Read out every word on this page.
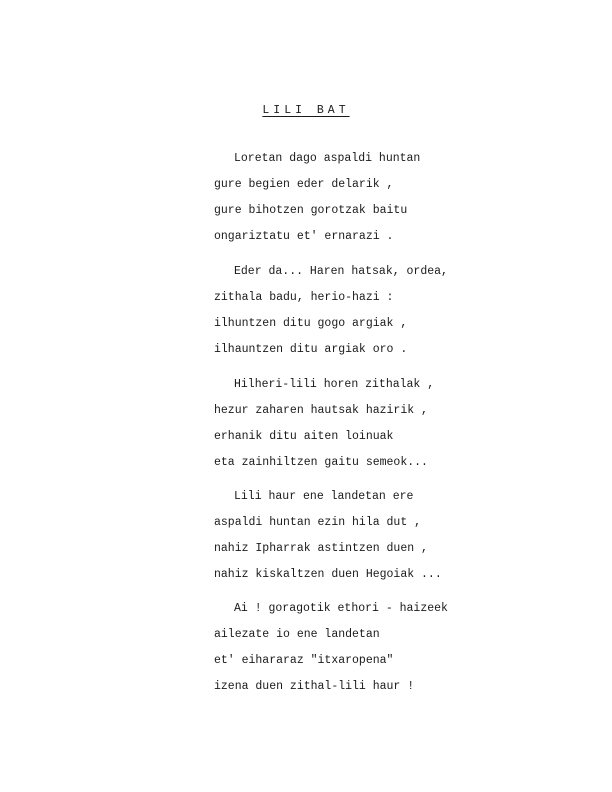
LILI BAT
Loretan dago aspaldi huntan
gure begien eder delarik ,
gure bihotzen gorotzak baitu
ongariztatu et' ernarazi .
Eder da... Haren hatsak, ordea,
zithala badu, herio-hazi :
ilhuntzen ditu gogo argiak ,
ilhauntzen ditu argiak oro .
Hilheri-lili horen zithalak ,
hezur zaharen hautsak hazirik ,
erhanik ditu aiten loinuak
eta zainhiltzen gaitu semeok...
Lili haur ene landetan ere
aspaldi huntan ezin hila dut ,
nahiz Ipharrak astintzen duen ,
nahiz kiskaltzen duen Hegoiak ...
Ai ! goragotik ethori - haizeek
ailezate io ene landetan
et' eihararaz "itxaropena"
izena duen zithal-lili haur !
